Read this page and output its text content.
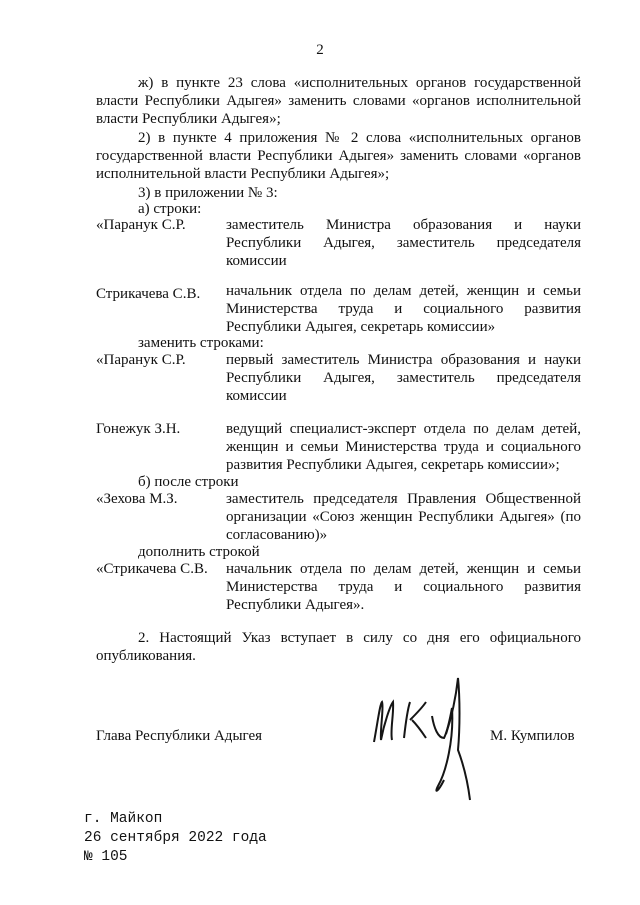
2
ж) в пункте 23 слова «исполнительных органов государственной власти Республики Адыгея» заменить словами «органов исполнительной власти Республики Адыгея»;
2) в пункте 4 приложения № 2 слова «исполнительных органов государственной власти Республики Адыгея» заменить словами «органов исполнительной власти Республики Адыгея»;
3) в приложении № 3:
а) строки:
«Паранук С.Р.	заместитель Министра образования и науки Республики Адыгея, заместитель председателя комиссии
Стрикачева С.В. начальник отдела по делам детей, женщин и семьи Министерства труда и социального развития Республики Адыгея, секретарь комиссии»
заменить строками:
«Паранук С.Р.	первый заместитель Министра образования и науки Республики Адыгея, заместитель председателя комиссии
Гонежук З.Н.	ведущий специалист-эксперт отдела по делам детей, женщин и семьи Министерства труда и социального развития Республики Адыгея, секретарь комиссии»;
б) после строки
«Зехова М.З.	заместитель председателя Правления Общественной организации «Союз женщин Республики Адыгея» (по согласованию)»
дополнить строкой
«Стрикачева С.В. начальник отдела по делам детей, женщин и семьи Министерства труда и социального развития Республики Адыгея».
2. Настоящий Указ вступает в силу со дня его официального опубликования.
Глава Республики Адыгея	М. Кумпилов
г. Майкоп
26 сентября 2022 года
№ 105
